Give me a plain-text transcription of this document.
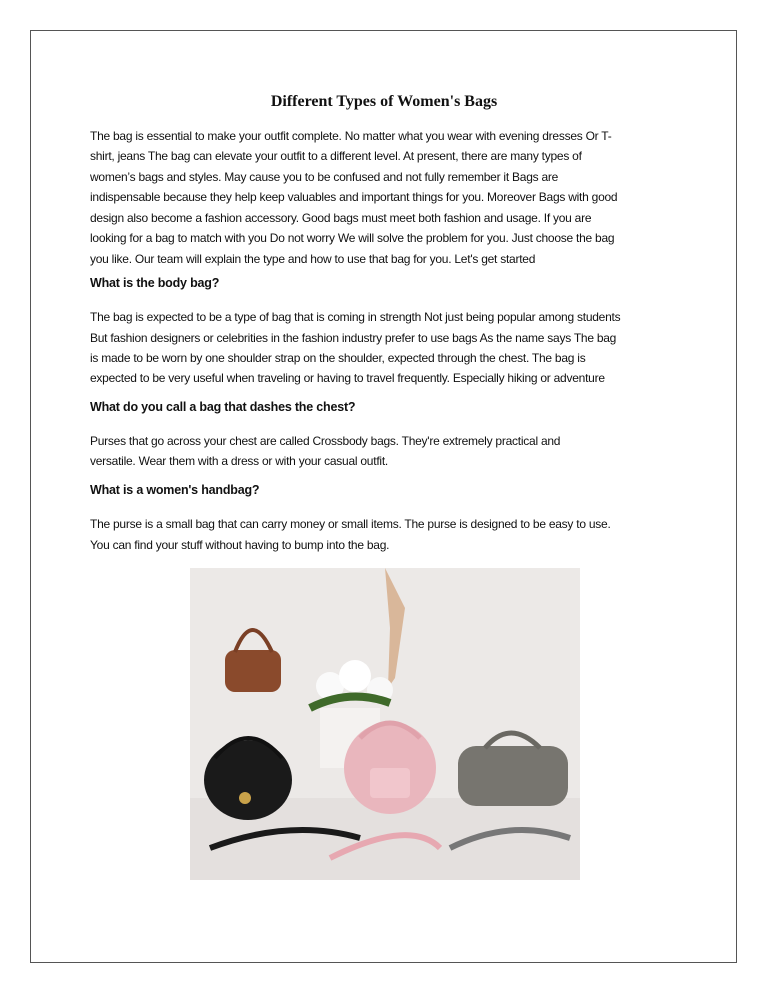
Different Types of Women's Bags
The bag is essential to make your outfit complete. No matter what you wear with evening dresses Or T-
shirt, jeans The bag can elevate your outfit to a different level. At present, there are many types of
women’s bags and styles. May cause you to be confused and not fully remember it Bags are
indispensable because they help keep valuables and important things for you. Moreover Bags with good
design also become a fashion accessory. Good bags must meet both fashion and usage. If you are
looking for a bag to match with you Do not worry We will solve the problem for you. Just choose the bag
you like. Our team will explain the type and how to use that bag for you. Let's get started
What is the body bag?
The bag is expected to be a type of bag that is coming in strength Not just being popular among students
But fashion designers or celebrities in the fashion industry prefer to use bags As the name says The bag
is made to be worn by one shoulder strap on the shoulder, expected through the chest. The bag is
expected to be very useful when traveling or having to travel frequently. Especially hiking or adventure
What do you call a bag that dashes the chest?
Purses that go across your chest are called Crossbody bags. They're extremely practical and
versatile. Wear them with a dress or with your casual outfit.
What is a women's handbag?
The purse is a small bag that can carry money or small items. The purse is designed to be easy to use.
You can find your stuff without having to bump into the bag.
